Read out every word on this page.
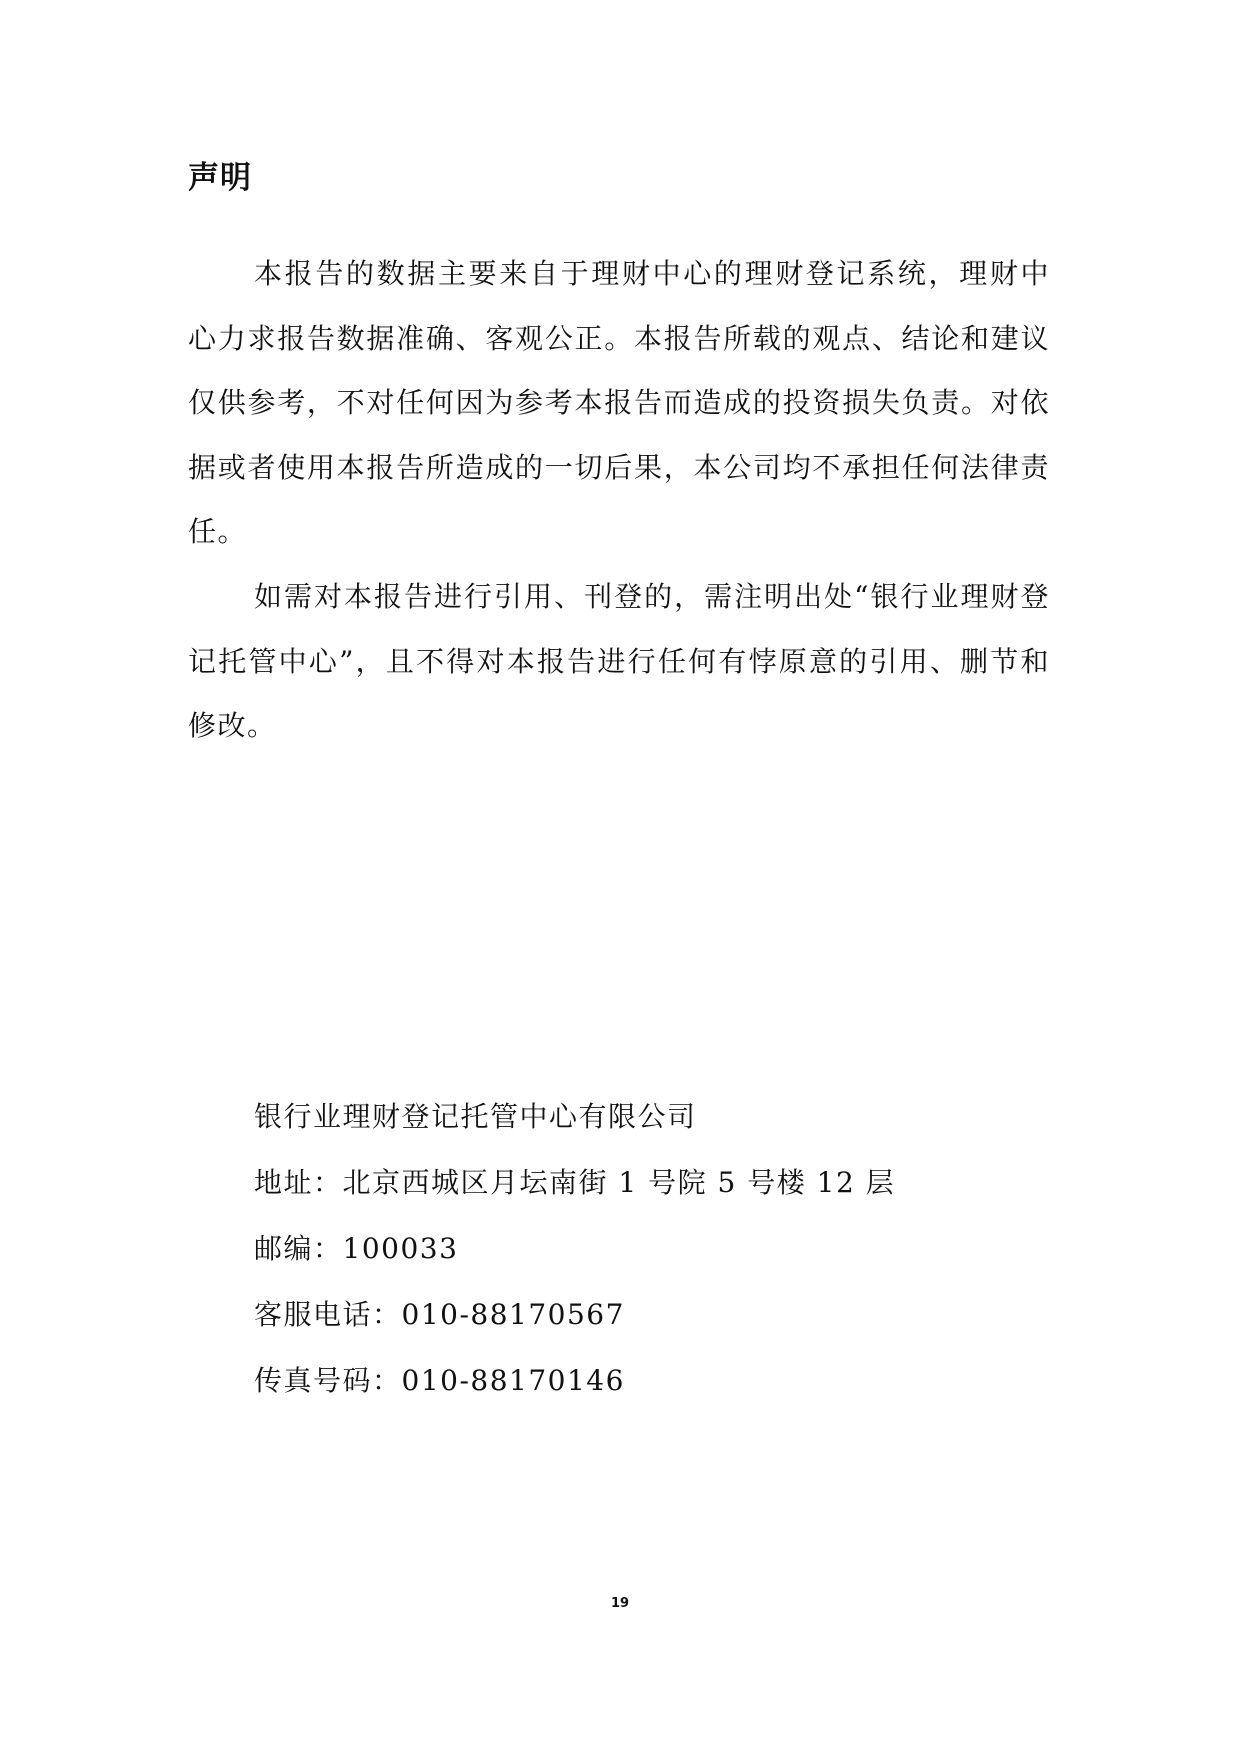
声明

本报告的数据主要来自于理财中心的理财登记系统，理财中心力求报告数据准确、客观公正。本报告所载的观点、结论和建议仅供参考，不对任何因为参考本报告而造成的投资损失负责。对依据或者使用本报告所造成的一切后果，本公司均不承担任何法律责任。

如需对本报告进行引用、刊登的，需注明出处“银行业理财登记托管中心”，且不得对本报告进行任何有悖原意的引用、删节和修改。

银行业理财登记托管中心有限公司
地址：北京西城区月坛南街 1 号院 5 号楼 12 层
邮编：100033
客服电话：010-88170567
传真号码：010-88170146
19
